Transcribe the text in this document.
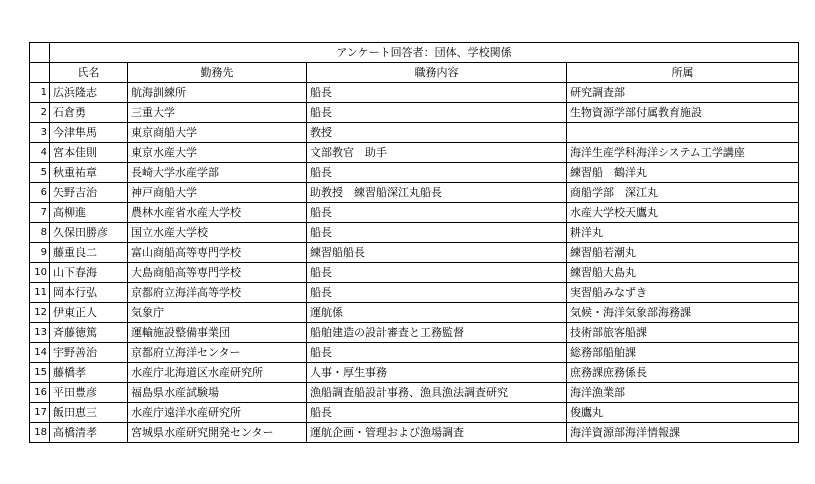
	アンケート回答者：団体、学校関係			
	氏名	勤務先	職務内容	所属
1	広浜隆志	航海訓練所	船長	研究調査部
2	石倉勇	三重大学	船長	生物資源学部付属教育施設
3	今津隼馬	東京商船大学	教授	
4	宮本佳則	東京水産大学	文部教官　助手	海洋生産学科海洋システム工学講座
5	秋重祐章	長崎大学水産学部	船長	練習船　鶴洋丸
6	矢野吉治	神戸商船大学	助教授　練習船深江丸船長	商船学部　深江丸
7	高柳進	農林水産省水産大学校	船長	水産大学校天鷹丸
8	久保田勝彦	国立水産大学校	船長	耕洋丸
9	藤重良二	富山商船高等専門学校	練習船船長	練習船若潮丸
10	山下春海	大島商船高等専門学校	船長	練習船大島丸
11	岡本行弘	京都府立海洋高等学校	船長	実習船みなずき
12	伊東正人	気象庁	運航係	気候・海洋気象部海務課
13	斉藤徳篤	運輸施設整備事業団	船舶建造の設計審査と工務監督	技術部旅客船課
14	宇野善治	京都府立海洋センター	船長	総務部船舶課
15	藤橋孝	水産庁北海道区水産研究所	人事・厚生事務	庶務課庶務係長
16	平田豊彦	福島県水産試験場	漁船調査船設計事務、漁具漁法調査研究	海洋漁業部
17	飯田恵三	水産庁遠洋水産研究所	船長	俊鷹丸
18	高橋清孝	宮城県水産研究開発センター	運航企画・管理および漁場調査	海洋資源部海洋情報課
